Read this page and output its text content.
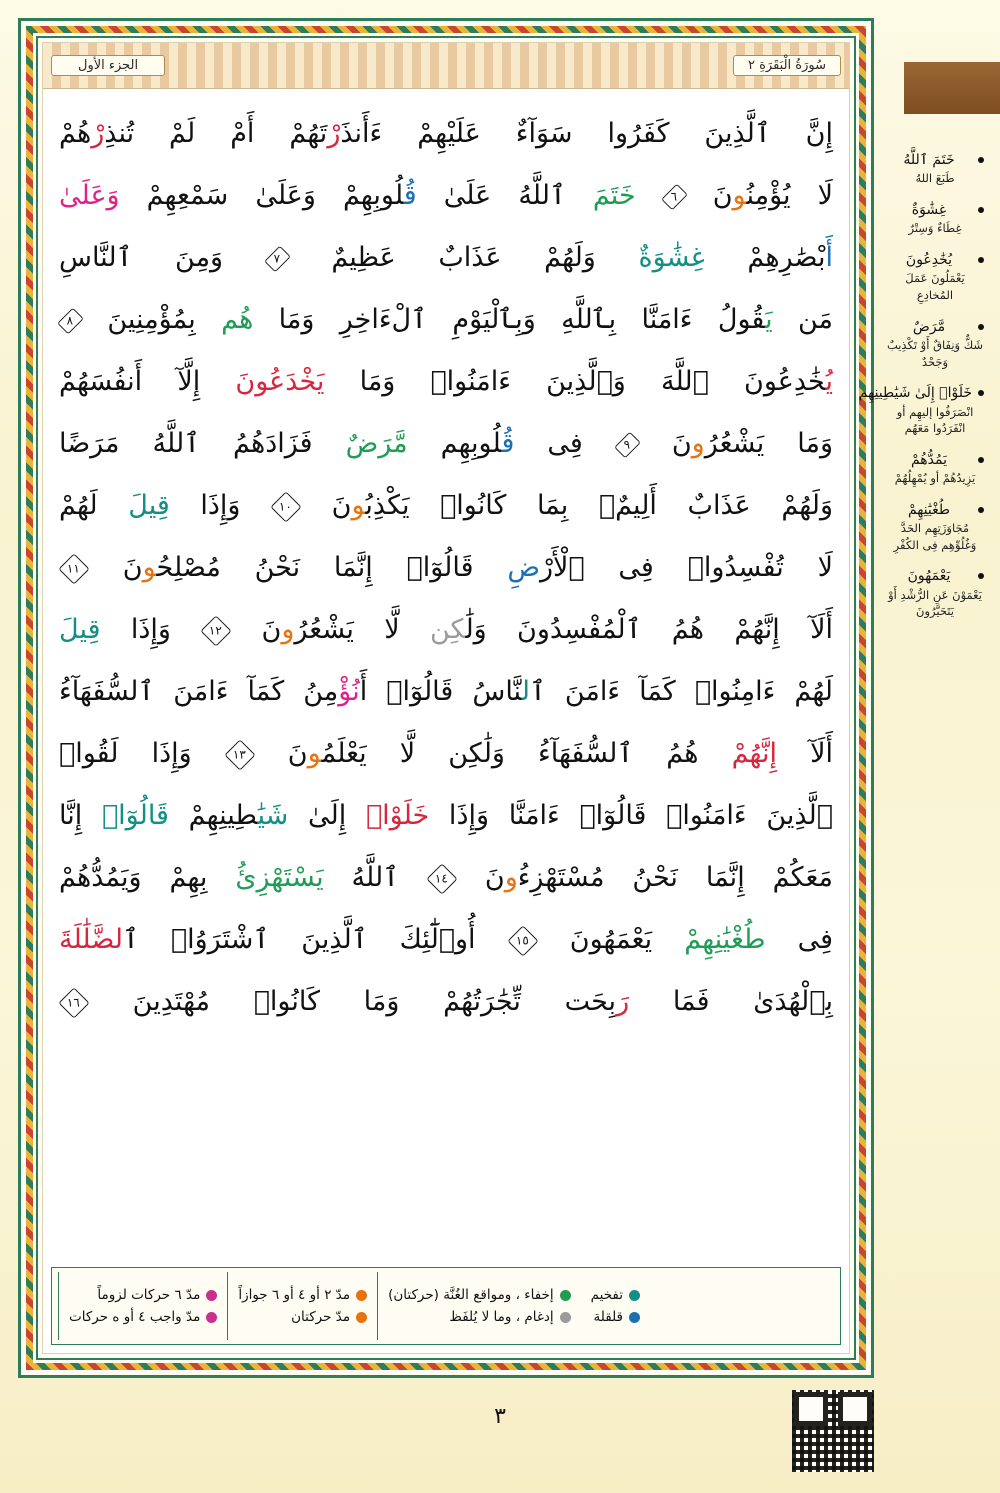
الجزء الأول	سُورَةُ الْبَقَرَةِ ٢
إِنَّ ٱلَّذِينَ كَفَرُوا سَوَآءٌ عَلَيْهِمْ ءَأَنذَرْتَهُمْ أَمْ لَمْ تُنذِرْهُمْ
لَا يُؤْمِنُونَ ٦ خَتَمَ ٱللَّهُ عَلَىٰ قُلُوبِهِمْ وَعَلَىٰ سَمْعِهِمْ وَعَلَىٰ
أَبْصَٰرِهِمْ غِشَٰوَةٌ وَلَهُمْ عَذَابٌ عَظِيمٌ ٧ وَمِنَ ٱلنَّاسِ
مَن يَقُولُ ءَامَنَّا بِٱللَّهِ وَبِٱلْيَوْمِ ٱلْءَاخِرِ وَمَا هُم بِمُؤْمِنِينَ ٨
يُخَٰدِعُونَ ٱللَّهَ وَٱلَّذِينَ ءَامَنُوا۟ وَمَا يَخْدَعُونَ إِلَّآ أَنفُسَهُمْ
وَمَا يَشْعُرُونَ ٩ فِى قُلُوبِهِم مَّرَضٌ فَزَادَهُمُ ٱللَّهُ مَرَضًا
وَلَهُمْ عَذَابٌ أَلِيمٌۢ بِمَا كَانُوا۟ يَكْذِبُونَ ١٠ وَإِذَا قِيلَ لَهُمْ
لَا تُفْسِدُوا۟ فِى ٱلْأَرْضِ قَالُوٓا۟ إِنَّمَا نَحْنُ مُصْلِحُونَ ١١
أَلَآ إِنَّهُمْ هُمُ ٱلْمُفْسِدُونَ وَلَٰكِن لَّا يَشْعُرُونَ ١٢ وَإِذَا قِيلَ
لَهُمْ ءَامِنُوا۟ كَمَآ ءَامَنَ ٱلنَّاسُ قَالُوٓا۟ أَنُؤْمِنُ كَمَآ ءَامَنَ ٱلسُّفَهَآءُ
أَلَآ إِنَّهُمْ هُمُ ٱلسُّفَهَآءُ وَلَٰكِن لَّا يَعْلَمُونَ ١٣ وَإِذَا لَقُوا۟
ٱلَّذِينَ ءَامَنُوا۟ قَالُوٓا۟ ءَامَنَّا وَإِذَا خَلَوْا۟ إِلَىٰ شَيَٰطِينِهِمْ قَالُوٓا۟ إِنَّا
مَعَكُمْ إِنَّمَا نَحْنُ مُسْتَهْزِءُونَ ١٤ ٱللَّهُ يَسْتَهْزِئُ بِهِمْ وَيَمُدُّهُمْ
فِى طُغْيَٰنِهِمْ يَعْمَهُونَ ١٥ أُو۟لَٰٓئِكَ ٱلَّذِينَ ٱشْتَرَوُا۟ ٱلضَّلَٰلَةَ
بِٱلْهُدَىٰ فَمَا رَبِحَت تِّجَٰرَتُهُمْ وَمَا كَانُوا۟ مُهْتَدِينَ ١٦
مدّ ٦ حركات لزوماً
مدّ واجب ٤ أو ه حركات
مدّ ٢ أو ٤ أو ٦ جوازاً
مدّ حركتان
إخفاء ، ومواقع الغُنَّة (حركتان)
إدغام ، وما لا يُلفَظ
تفخيم
قلقلة
خَتَمَ ٱللَّهُ
طَبَعَ اللهُ
غِشَٰوَةٌ
غِطَاءٌ وَسِتْرٌ
يُخَٰدِعُونَ
يَعْمَلُونَ عَمَلَ المُخادِعِ
مَّرَضٌ
شَكٌّ وَنِفَاقٌ أَوْ تَكْذِيبٌ وَجَحْدٌ
خَلَوْا۟ إِلَىٰ شَيَٰطِينِهِم
انْصَرَفُوا إليهِم أو انْفَرَدُوا مَعَهُم
يَمُدُّهُمْ
يَزِيدُهُمْ أو يُمْهِلُهُمْ
طُغْيَٰنِهِمْ
مُجَاوَزَتِهِم الحَدَّ وَغُلُوِّهِم فِى الكُفْرِ
يَعْمَهُونَ
يَعْمَوْنَ عَنِ الرُّشْدِ أَوْ يَتَحَيَّرُونَ
٣
